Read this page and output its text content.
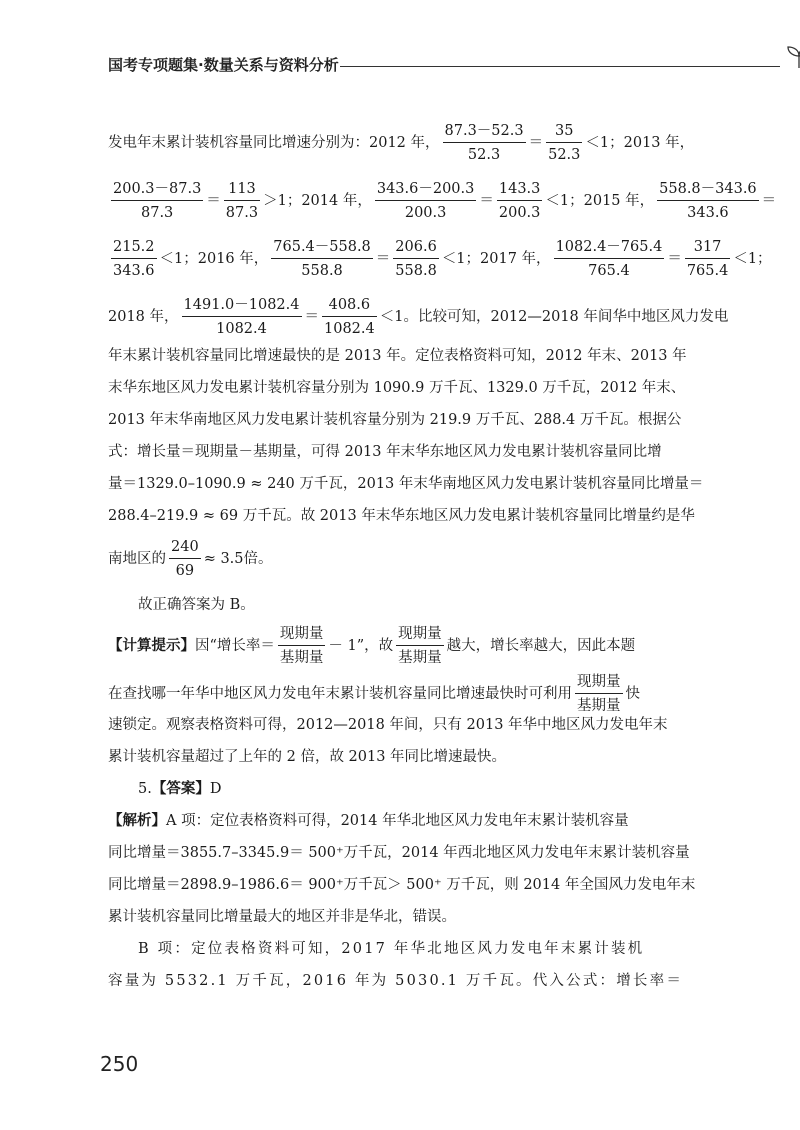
国考专项题集·数量关系与资料分析
发电年末累计装机容量同比增速分别为：2012 年， $\frac{87.3-52.3}{52.3} = \frac{35}{52.3} <1$；2013 年，
$\frac{200.3-87.3}{87.3} = \frac{113}{87.3} >1$；2014 年， $\frac{343.6-200.3}{200.3} = \frac{143.3}{200.3} <1$；2015 年， $\frac{558.8-343.6}{343.6}$ ＝
$\frac{215.2}{343.6} <1$；2016 年， $\frac{765.4-558.8}{558.8} = \frac{206.6}{558.8} <1$；2017 年， $\frac{1082.4-765.4}{765.4} = \frac{317}{765.4} <1$；
2018 年， $\frac{1491.0-1082.4}{1082.4} = \frac{408.6}{1082.4} <1$。比较可知，2012—2018 年间华中地区风力发电
年末累计装机容量同比增速最快的是 2013 年。定位表格资料可知，2012 年末、2013 年
末华东地区风力发电累计装机容量分别为 1090.9 万千瓦、1329.0 万千瓦，2012 年末、
2013 年末华南地区风力发电累计装机容量分别为 219.9 万千瓦、288.4 万千瓦。根据公
式：增长量＝现期量－基期量，可得 2013 年末华东地区风力发电累计装机容量同比增
量＝1329.0–1090.9 ≈ 240 万千瓦，2013 年末华南地区风力发电累计装机容量同比增量＝
288.4–219.9 ≈ 69 万千瓦。故 2013 年末华东地区风力发电累计装机容量同比增量约是华
南地区的 $\frac{240}{69} \approx 3.5$倍。
故正确答案为 B。
【计算提示】因“增长率＝ $\frac{\text{现期量}}{\text{基期量}} - 1$”，故 $\frac{\text{现期量}}{\text{基期量}}$ 越大，增长率越大，因此本题
在查找哪一年华中地区风力发电年末累计装机容量同比增速最快时可利用 $\frac{\text{现期量}}{\text{基期量}}$ 快
速锁定。观察表格资料可得，2012—2018 年间，只有 2013 年华中地区风力发电年末
累计装机容量超过了上年的 2 倍，故 2013 年同比增速最快。
5.【答案】D
【解析】A 项：定位表格资料可得，2014 年华北地区风力发电年末累计装机容量
同比增量＝3855.7–3345.9＝ 500⁺万千瓦，2014 年西北地区风力发电年末累计装机容量
同比增量＝2898.9–1986.6＝ 900⁺万千瓦＞ 500⁺ 万千瓦，则 2014 年全国风力发电年末
累计装机容量同比增量最大的地区并非是华北，错误。
B 项：定位表格资料可知，2017 年华北地区风力发电年末累计装机
容量为 5532.1 万千瓦，2016 年为 5030.1 万千瓦。代入公式：增长率＝
250
